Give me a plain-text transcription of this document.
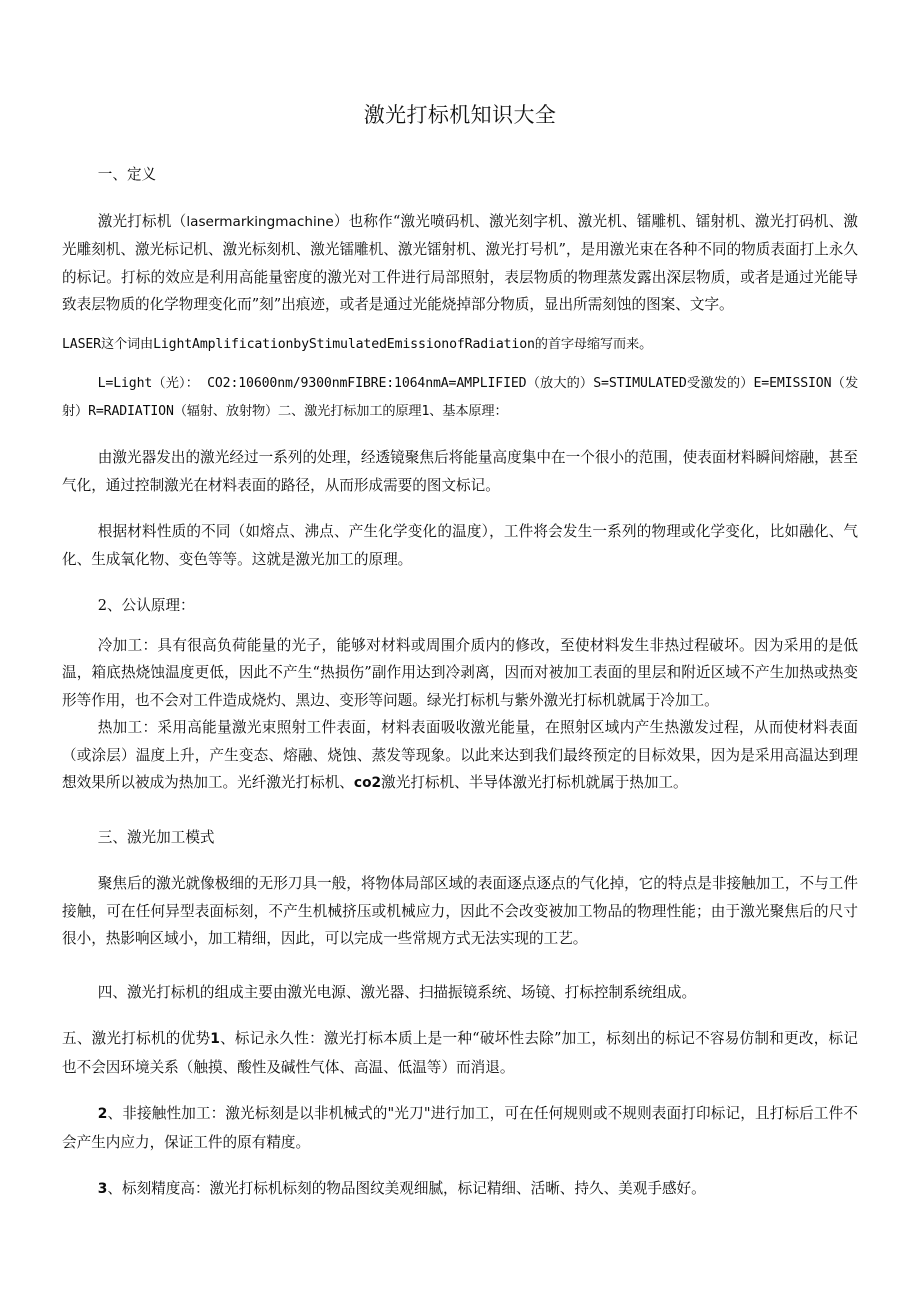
激光打标机知识大全

一、定义

激光打标机（lasermarkingmachine）也称作“激光喷码机、激光刻字机、激光机、镭雕机、镭射机、激光打码机、激光雕刻机、激光标记机、激光标刻机、激光镭雕机、激光镭射机、激光打号机”，是用激光束在各种不同的物质表面打上永久的标记。打标的效应是利用高能量密度的激光对工件进行局部照射，表层物质的物理蒸发露出深层物质，或者是通过光能导致表层物质的化学物理变化而”刻”出痕迹，或者是通过光能烧掉部分物质，显出所需刻蚀的图案、文字。

LASER这个词由LightAmplificationbyStimulatedEmissionofRadiation的首字母缩写而来。

L=Light（光）： CO2:10600nm/9300nmFIBRE:1064nmA=AMPLIFIED（放大的）S=STIMULATED受激发的）E=EMISSION（发射）R=RADIATION（辐射、放射物）二、激光打标加工的原理1、基本原理：

由激光器发出的激光经过一系列的处理，经透镜聚焦后将能量高度集中在一个很小的范围，使表面材料瞬间熔融，甚至气化，通过控制激光在材料表面的路径，从而形成需要的图文标记。

根据材料性质的不同（如熔点、沸点、产生化学变化的温度），工件将会发生一系列的物理或化学变化，比如融化、气化、生成氧化物、变色等等。这就是激光加工的原理。

2、公认原理：

冷加工：具有很高负荷能量的光子，能够对材料或周围介质内的修改，至使材料发生非热过程破坏。因为采用的是低温，箱底热烧蚀温度更低，因此不产生“热损伤”副作用达到冷剥离，因而对被加工表面的里层和附近区域不产生加热或热变形等作用，也不会对工件造成烧灼、黑边、变形等问题。绿光打标机与紫外激光打标机就属于冷加工。

热加工：采用高能量激光束照射工件表面，材料表面吸收激光能量，在照射区域内产生热激发过程，从而使材料表面（或涂层）温度上升，产生变态、熔融、烧蚀、蒸发等现象。以此来达到我们最终预定的目标效果，因为是采用高温达到理想效果所以被成为热加工。光纤激光打标机、co2激光打标机、半导体激光打标机就属于热加工。

三、激光加工模式

聚焦后的激光就像极细的无形刀具一般，将物体局部区域的表面逐点逐点的气化掉，它的特点是非接触加工，不与工件接触，可在任何异型表面标刻，不产生机械挤压或机械应力，因此不会改变被加工物品的物理性能；由于激光聚焦后的尺寸很小，热影响区域小，加工精细，因此，可以完成一些常规方式无法实现的工艺。

四、激光打标机的组成主要由激光电源、激光器、扫描振镜系统、场镜、打标控制系统组成。

五、激光打标机的优势1、标记永久性：激光打标本质上是一种“破坏性去除”加工，标刻出的标记不容易仿制和更改，标记也不会因环境关系（触摸、酸性及碱性气体、高温、低温等）而消退。

2、非接触性加工：激光标刻是以非机械式的"光刀"进行加工，可在任何规则或不规则表面打印标记，且打标后工件不会产生内应力，保证工件的原有精度。

3、标刻精度高：激光打标机标刻的物品图纹美观细腻，标记精细、活晰、持久、美观手感好。
